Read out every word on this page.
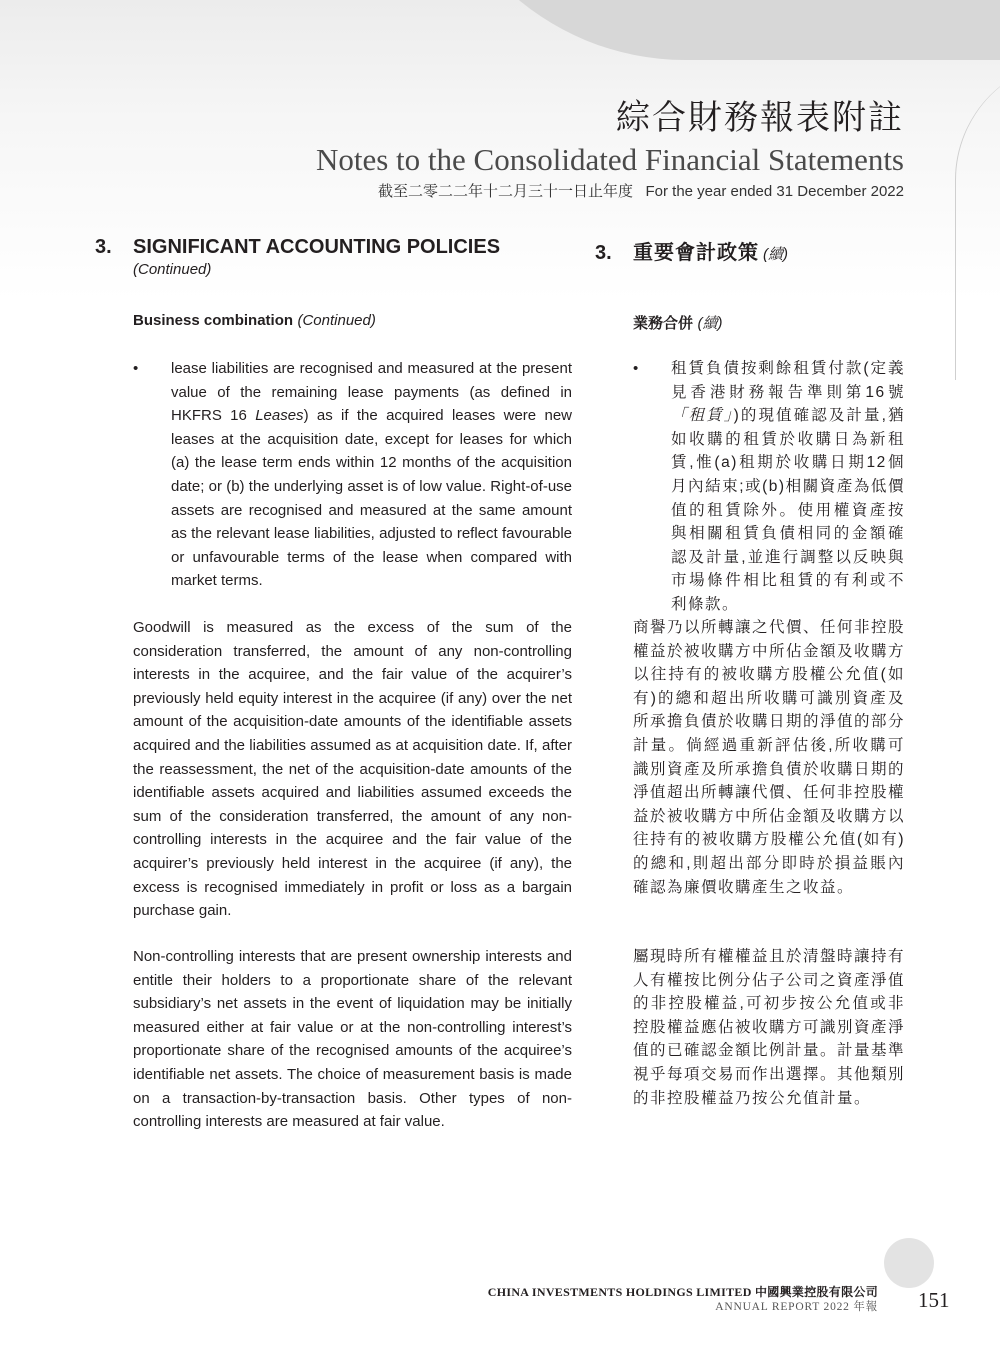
綜合財務報表附註
Notes to the Consolidated Financial Statements
截至二零二二年十二月三十一日止年度 For the year ended 31 December 2022
3.	SIGNIFICANT ACCOUNTING POLICIES
(Continued)
Business combination (Continued)
•	lease liabilities are recognised and measured at the present value of the remaining lease payments (as defined in HKFRS 16 Leases) as if the acquired leases were new leases at the acquisition date, except for leases for which (a) the lease term ends within 12 months of the acquisition date; or (b) the underlying asset is of low value. Right-of-use assets are recognised and measured at the same amount as the relevant lease liabilities, adjusted to reflect favourable or unfavourable terms of the lease when compared with market terms.
Goodwill is measured as the excess of the sum of the consideration transferred, the amount of any non-controlling interests in the acquiree, and the fair value of the acquirer’s previously held equity interest in the acquiree (if any) over the net amount of the acquisition-date amounts of the identifiable assets acquired and the liabilities assumed as at acquisition date. If, after the reassessment, the net of the acquisition-date amounts of the identifiable assets acquired and liabilities assumed exceeds the sum of the consideration transferred, the amount of any non-controlling interests in the acquiree and the fair value of the acquirer’s previously held interest in the acquiree (if any), the excess is recognised immediately in profit or loss as a bargain purchase gain.
Non-controlling interests that are present ownership interests and entitle their holders to a proportionate share of the relevant subsidiary’s net assets in the event of liquidation may be initially measured either at fair value or at the non-controlling interest’s proportionate share of the recognised amounts of the acquiree’s identifiable net assets. The choice of measurement basis is made on a transaction-by-transaction basis. Other types of non-controlling interests are measured at fair value.
3.	重要會計政策 (續)
業務合併 (續)
•	租賃負債按剩餘租賃付款(定義見香港財務報告準則第16號「租賃」)的現值確認及計量,猶如收購的租賃於收購日為新租賃,惟(a)租期於收購日期12個月內結束;或(b)相關資產為低價值的租賃除外。使用權資產按與相關租賃負債相同的金額確認及計量,並進行調整以反映與市場條件相比租賃的有利或不利條款。
商譽乃以所轉讓之代價、任何非控股權益於被收購方中所佔金額及收購方以往持有的被收購方股權公允值(如有)的總和超出所收購可識別資產及所承擔負債於收購日期的淨值的部分計量。倘經過重新評估後,所收購可識別資產及所承擔負債於收購日期的淨值超出所轉讓代價、任何非控股權益於被收購方中所佔金額及收購方以往持有的被收購方股權公允值(如有)的總和,則超出部分即時於損益賬內確認為廉價收購產生之收益。
屬現時所有權權益且於清盤時讓持有人有權按比例分佔子公司之資產淨值的非控股權益,可初步按公允值或非控股權益應佔被收購方可識別資產淨值的已確認金額比例計量。計量基準視乎每項交易而作出選擇。其他類別的非控股權益乃按公允值計量。
CHINA INVESTMENTS HOLDINGS LIMITED 中國興業控股有限公司
ANNUAL REPORT 2022 年報 151
